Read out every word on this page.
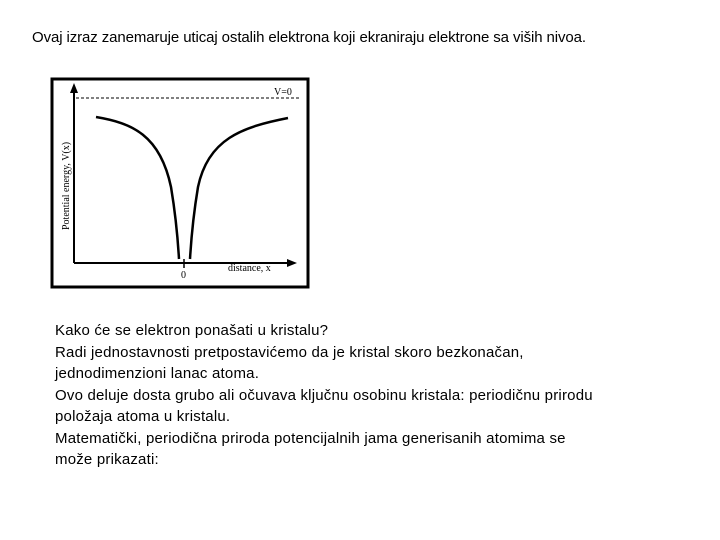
Ovaj izraz zanemaruje uticaj ostalih elektrona koji ekraniraju elektrone sa viših nivoa.
V=0
0
distance, x
Potential energy, V(x)

Kako će se elektron ponašati u kristalu?

Radi jednostavnosti pretpostavićemo da je kristal skoro bezkonačan,

jednodimenzioni lanac atoma.

Ovo deluje dosta grubo ali očuvava ključnu osobinu kristala: periodičnu prirodu

položaja atoma u kristalu.

Matematički, periodična priroda potencijalnih jama generisanih atomima se

može prikazati:
